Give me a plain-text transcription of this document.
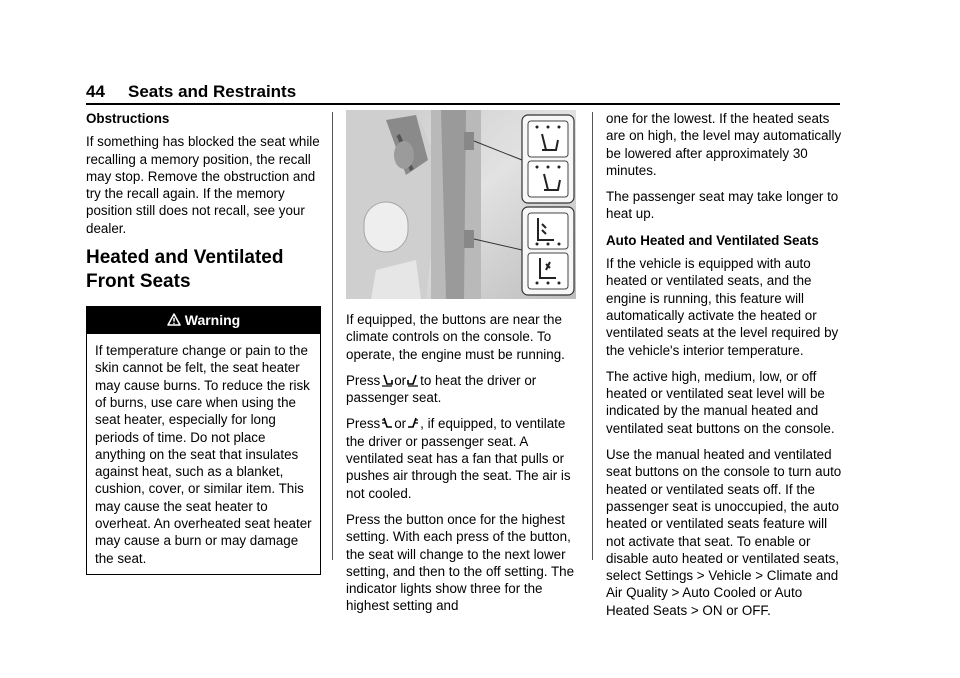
44 Seats and Restraints

Obstructions

If something has blocked the seat while recalling a memory position, the recall may stop. Remove the obstruction and try the recall again. If the memory position still does not recall, see your dealer.

Heated and Ventilated Front Seats
Warning

If temperature change or pain to the skin cannot be felt, the seat heater may cause burns. To reduce the risk of burns, use care when using the seat heater, especially for long periods of time. Do not place anything on the seat that insulates against heat, such as a blanket, cushion, cover, or similar item. This may cause the seat heater to overheat. An overheated seat heater may cause a burn or may damage the seat.

If equipped, the buttons are near the climate controls on the console. To operate, the engine must be running.

Press or to heat the driver or passenger seat.

Press or , if equipped, to ventilate the driver or passenger seat. A ventilated seat has a fan that pulls or pushes air through the seat. The air is not cooled.

Press the button once for the highest setting. With each press of the button, the seat will change to the next lower setting, and then to the off setting. The indicator lights show three for the highest setting and

one for the lowest. If the heated seats are on high, the level may automatically be lowered after approximately 30 minutes.

The passenger seat may take longer to heat up.

Auto Heated and Ventilated Seats

If the vehicle is equipped with auto heated or ventilated seats, and the engine is running, this feature will automatically activate the heated or ventilated seats at the level required by the vehicle's interior temperature.

The active high, medium, low, or off heated or ventilated seat level will be indicated by the manual heated and ventilated seat buttons on the console.

Use the manual heated and ventilated seat buttons on the console to turn auto heated or ventilated seats off. If the passenger seat is unoccupied, the auto heated or ventilated seats feature will not activate that seat. To enable or disable auto heated or ventilated seats, select Settings > Vehicle > Climate and Air Quality > Auto Cooled or Auto Heated Seats > ON or OFF.
